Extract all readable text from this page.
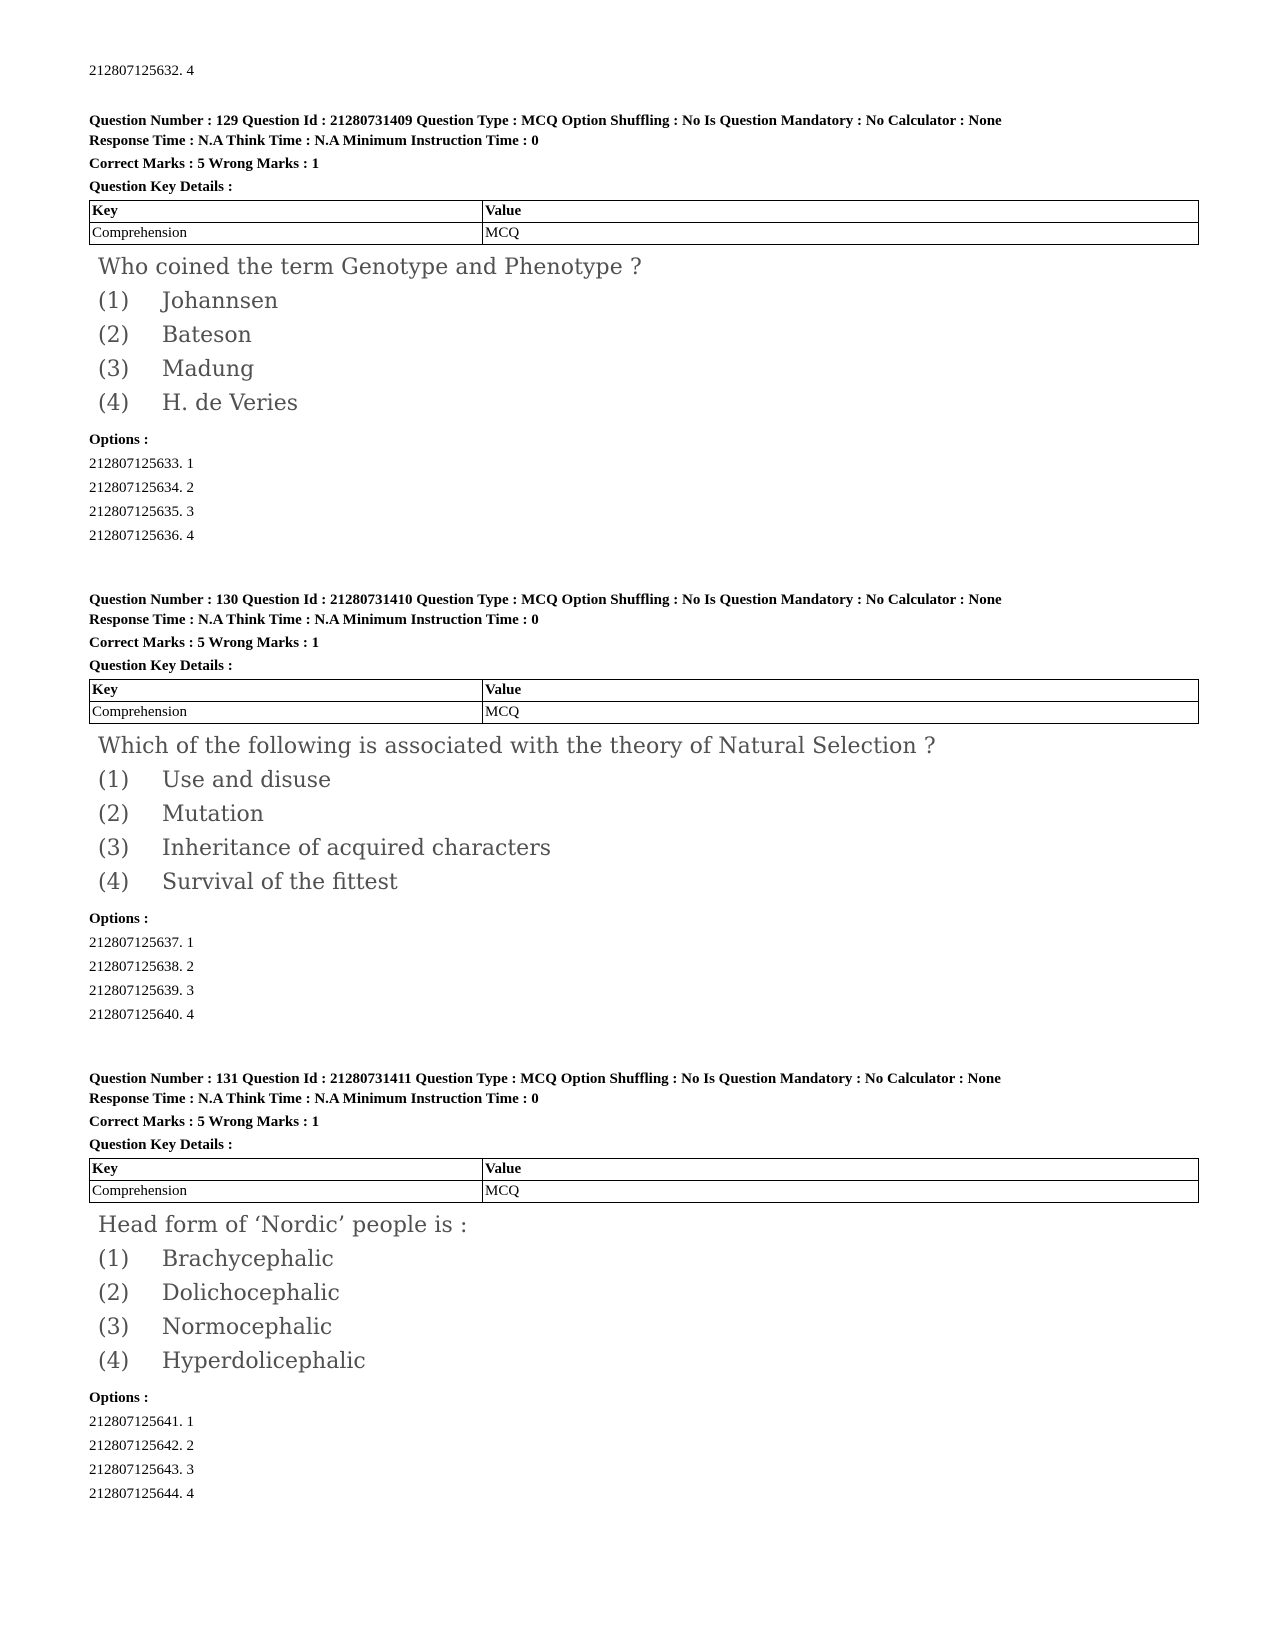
212807125632. 4
Question Number : 129 Question Id : 21280731409 Question Type : MCQ Option Shuffling : No Is Question Mandatory : No Calculator : None
Response Time : N.A Think Time : N.A Minimum Instruction Time : 0
Correct Marks : 5 Wrong Marks : 1
Question Key Details :
Key	Value
Comprehension	MCQ
Who coined the term Genotype and Phenotype ?
(1)	Johannsen
(2)	Bateson
(3)	Madung
(4)	H. de Veries
Options :
212807125633. 1
212807125634. 2
212807125635. 3
212807125636. 4
Question Number : 130 Question Id : 21280731410 Question Type : MCQ Option Shuffling : No Is Question Mandatory : No Calculator : None
Response Time : N.A Think Time : N.A Minimum Instruction Time : 0
Correct Marks : 5 Wrong Marks : 1
Question Key Details :
Key	Value
Comprehension	MCQ
Which of the following is associated with the theory of Natural Selection ?
(1)	Use and disuse
(2)	Mutation
(3)	Inheritance of acquired characters
(4)	Survival of the fittest
Options :
212807125637. 1
212807125638. 2
212807125639. 3
212807125640. 4
Question Number : 131 Question Id : 21280731411 Question Type : MCQ Option Shuffling : No Is Question Mandatory : No Calculator : None
Response Time : N.A Think Time : N.A Minimum Instruction Time : 0
Correct Marks : 5 Wrong Marks : 1
Question Key Details :
Key	Value
Comprehension	MCQ
Head form of ‘Nordic’ people is :
(1)	Brachycephalic
(2)	Dolichocephalic
(3)	Normocephalic
(4)	Hyperdolicephalic
Options :
212807125641. 1
212807125642. 2
212807125643. 3
212807125644. 4
